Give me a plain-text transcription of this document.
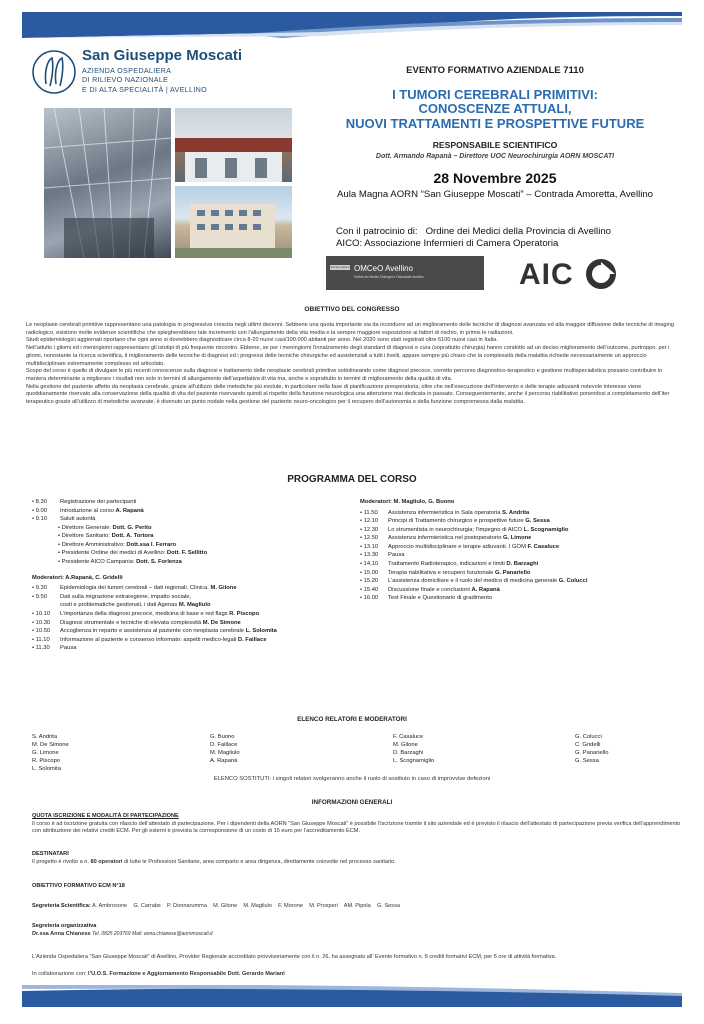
San Giuseppe Moscati
AZIENDA OSPEDALIERA
DI RILIEVO NAZIONALE
E DI ALTA SPECIALITÀ | AVELLINO
EVENTO FORMATIVO AZIENDALE 7110
I TUMORI CEREBRALI PRIMITIVI:
CONOSCENZE ATTUALI,
NUOVI TRATTAMENTI E PROSPETTIVE FUTURE
RESPONSABILE SCIENTIFICO
Dott. Armando Rapanà – Direttore UOC Neurochirurgia AORN MOSCATI
28 Novembre 2025
Aula Magna AORN “San Giuseppe Moscati” – Contrada Amoretta, Avellino
Con il patrocinio di: Ordine dei Medici della Provincia di Avellino
AICO: Associazione Infermieri di Camera Operatoria
Sempre Insieme OMCeO Avellino
Ordine dei Medici Chirurghi e Odontoiatri Avellino	AIC
OBIETTIVO DEL CONGRESSO

Le neoplasie cerebrali primitive rappresentano una patologia in progressiva crescita negli ultimi decenni. Sebbene una quota importante sia da ricondurre ad un miglioramento delle tecniche di diagnosi avanzata ed alla maggior diffusione delle tecniche di imaging radiologico, esistono molte evidenze scientifiche che spiegherebbero tale incremento con l’allungamento della vita media e la sempre maggiore esposizione ai fattori di rischio, in primis le radiazioni.

Studi epidemiologici aggiornati riportano che ogni anno si dovrebbero diagnosticare circa 8-20 nuovi casi/100.000 abitanti per anno. Nel 2020 sono stati registrati oltre 6100 nuovi casi in Italia.

Nell’adulto i gliomi ed i meningiomi rappresentano gli istotipi di più frequente riscontro. Ebbene, se per i meningiomi l’innalzamento degli standard di diagnosi e cura (soprattutto chirurgia) hanno condotto ad un deciso miglioramento dell’outcome, purtroppo. per i gliomi, nonostante la ricerca scientifica, il miglioramento delle tecniche di diagnosi ed i progressi delle tecniche chirurgiche ed assistenziali a tutti i livelli, appare sempre più chiaro che la complessità della malattia richiede necessariamente un approccio multidisciplinare estremamente complesso ed articolato.

Scopo del corso è quello di divulgare le più recenti conoscenze sulla diagnosi e trattamento delle neoplasie cerebrali primitive sottolineando come diagnosi precoce, corretto percorso diagnostico-terapeutico e gestione multispecialistica possano contribuire in maniera determinante a migliorare i risultati non solo in termini di allungamento dell’aspettativa di vita ma, anche e soprattutto in termini di miglioramento della qualità di vita.

Nella gestione del paziente affetto da neoplasia cerebrale, grazie all’utilizzo delle metodiche più evolute, in particolare nella fase di pianificazione preoperatoria, oltre che nell’esecuzione dell’intervento e delle terapie adiuvanti notevole interesse viene quotidianamente riservato alla conservazione della qualità di vita del paziente riservando quindi al rispetto della funzione neurologica una attenzione mai dedicata in passato. Conseguentemente, anche il percorso riabilitativo ponendosi a completamento dell’iter terapeutico grazie all’utilizzo di metodiche avanzate, è divenuto un punto nodale nella gestione del paziente neuro-oncologico per il recupero dell’autonomia e della funzione compromessa dalla malattia.

PROGRAMMA DEL CORSO
• 8.30 Registrazione dei partecipanti
• 9.00 Introduzione al corso A. Rapanà
• 9.10 Saluti autorità
• Direttore Generale: Dott. G. Perito
• Direttore Sanitario: Dott. A. Tortora
• Direttore Amministrativo: Dott.ssa I. Ferraro
• Presidente Ordine dei medici di Avellino: Dott. F. Sellitto
• Presidente AICO Campania: Dott. S. Forlenza
Moderatori: A.Rapanà, C. Gridelli
• 9.30 Epidemiologia dei tumori cerebrali – dati regionali. Clinica. M. Gilone
• 9.50 Dati sulla migrazione extraregione, impatto sociale,
costi e problematiche gestionali, i dati Agenas M. Magliulo
• 10.10 L’importanza della diagnosi precoce, medicina di base e red flags R. Piscopo
• 10.30 Diagnosi strumentale e tecniche di elevata complessità M. De Simone
• 10.50 Accoglienza in reparto e assistenza al paziente con neoplasia cerebrale L. Solomita
• 11.10 Informazione al paziente e consenso informato: aspetti medico-legali D. Faillace
• 11.30 Pausa
Moderatori: M. Magliulo, G. Buono
• 11.50 Assistenza infermieristica in Sala operatoria S. Andrita
• 12.10 Principi di Trattamento chirurgico e prospettive future G. Sessa
• 12.30 Lo strumentista in neurochirurgia; l’impegno di AICO L. Scognamiglio
• 12.50 Assistenza infermieristica nel postoperatorio G. Limone
• 13.10 Approccio multidisciplinare e terapie adiuvanti. I GOM F. Casaluce
• 13.30 Pausa
• 14,10 Trattamento Radioterapico, indicazioni e limiti D. Barzaghi
• 15.00 Terapia riabilitativa e recupero funzionale G. Panariello
• 15.20 L’assistenza domiciliare e il ruolo del medico di medicina generale G. Colucci
• 15.40 Discussione finale e conclusioni A. Rapanà
• 16.00 Test Finale e Questionario di gradimento
ELENCO RELATORI E MODERATORI
S. Andrita
M. De Simone
G. Limone
R. Piscopo
L. Solomita
G. Buono
D. Faillace
M. Magliulo
A. Rapanà
F. Casaluce
M. Gilone
D. Barzaghi
L. Scognamiglio
G. Colucci
C. Gridelli
G. Panariello
G. Sessa
ELENCO SOSTITUTI: i singoli relatori svolgeranno anche il ruolo di sostituto in caso di improvvise defezioni
INFORMAZIONI GENERALI
QUOTA ISCRIZIONE E MODALITÀ DI PARTECIPAZIONE
Il corso è ad iscrizione gratuita con rilascio dell’attestato di partecipazione. Per i dipendenti della AORN “San Giuseppe Moscati” è possibile l’iscrizione tramite il sito aziendale ed è previsto il rilascio dell’attestato di partecipazione previa verifica dell’apprendimento con attribuzione dei relativi crediti ECM. Per gli esterni è prevista la corresponsione di un costo di 15 euro per l’accreditamento ECM.
DESTINATARI
Il progetto è rivolto a n. 80 operatori di tutte le Professioni Sanitarie, area comparto e area dirigenza, direttamente coinvolte nel processo sanitario.
OBIETTIVO FORMATIVO ECM N°18
Segreteria Scientifica: A. Ambrosone    G. Carrabs    P. Donnarumma    M. Gilone    M. Magliulo    F. Morone    M. Prosperi    AM. Pipola    G. Sessa
Segreteria organizzativa
Dr.ssa Anna Chianese Tel. 0825 203769 Mail: anna.chianese@aornmoscati.it
L’Azienda Ospedaliera “San Giuseppe Moscati” di Avellino, Provider Regionale accreditato provvisoriamente con il n. 26, ha assegnato all’ Evento formativo n. 5 crediti formativi ECM, per 5 ore di attività formativa.
In collaborazione con: l’U.O.S. Formazione e Aggiornamento Responsabile Dott. Gerardo Mariani
